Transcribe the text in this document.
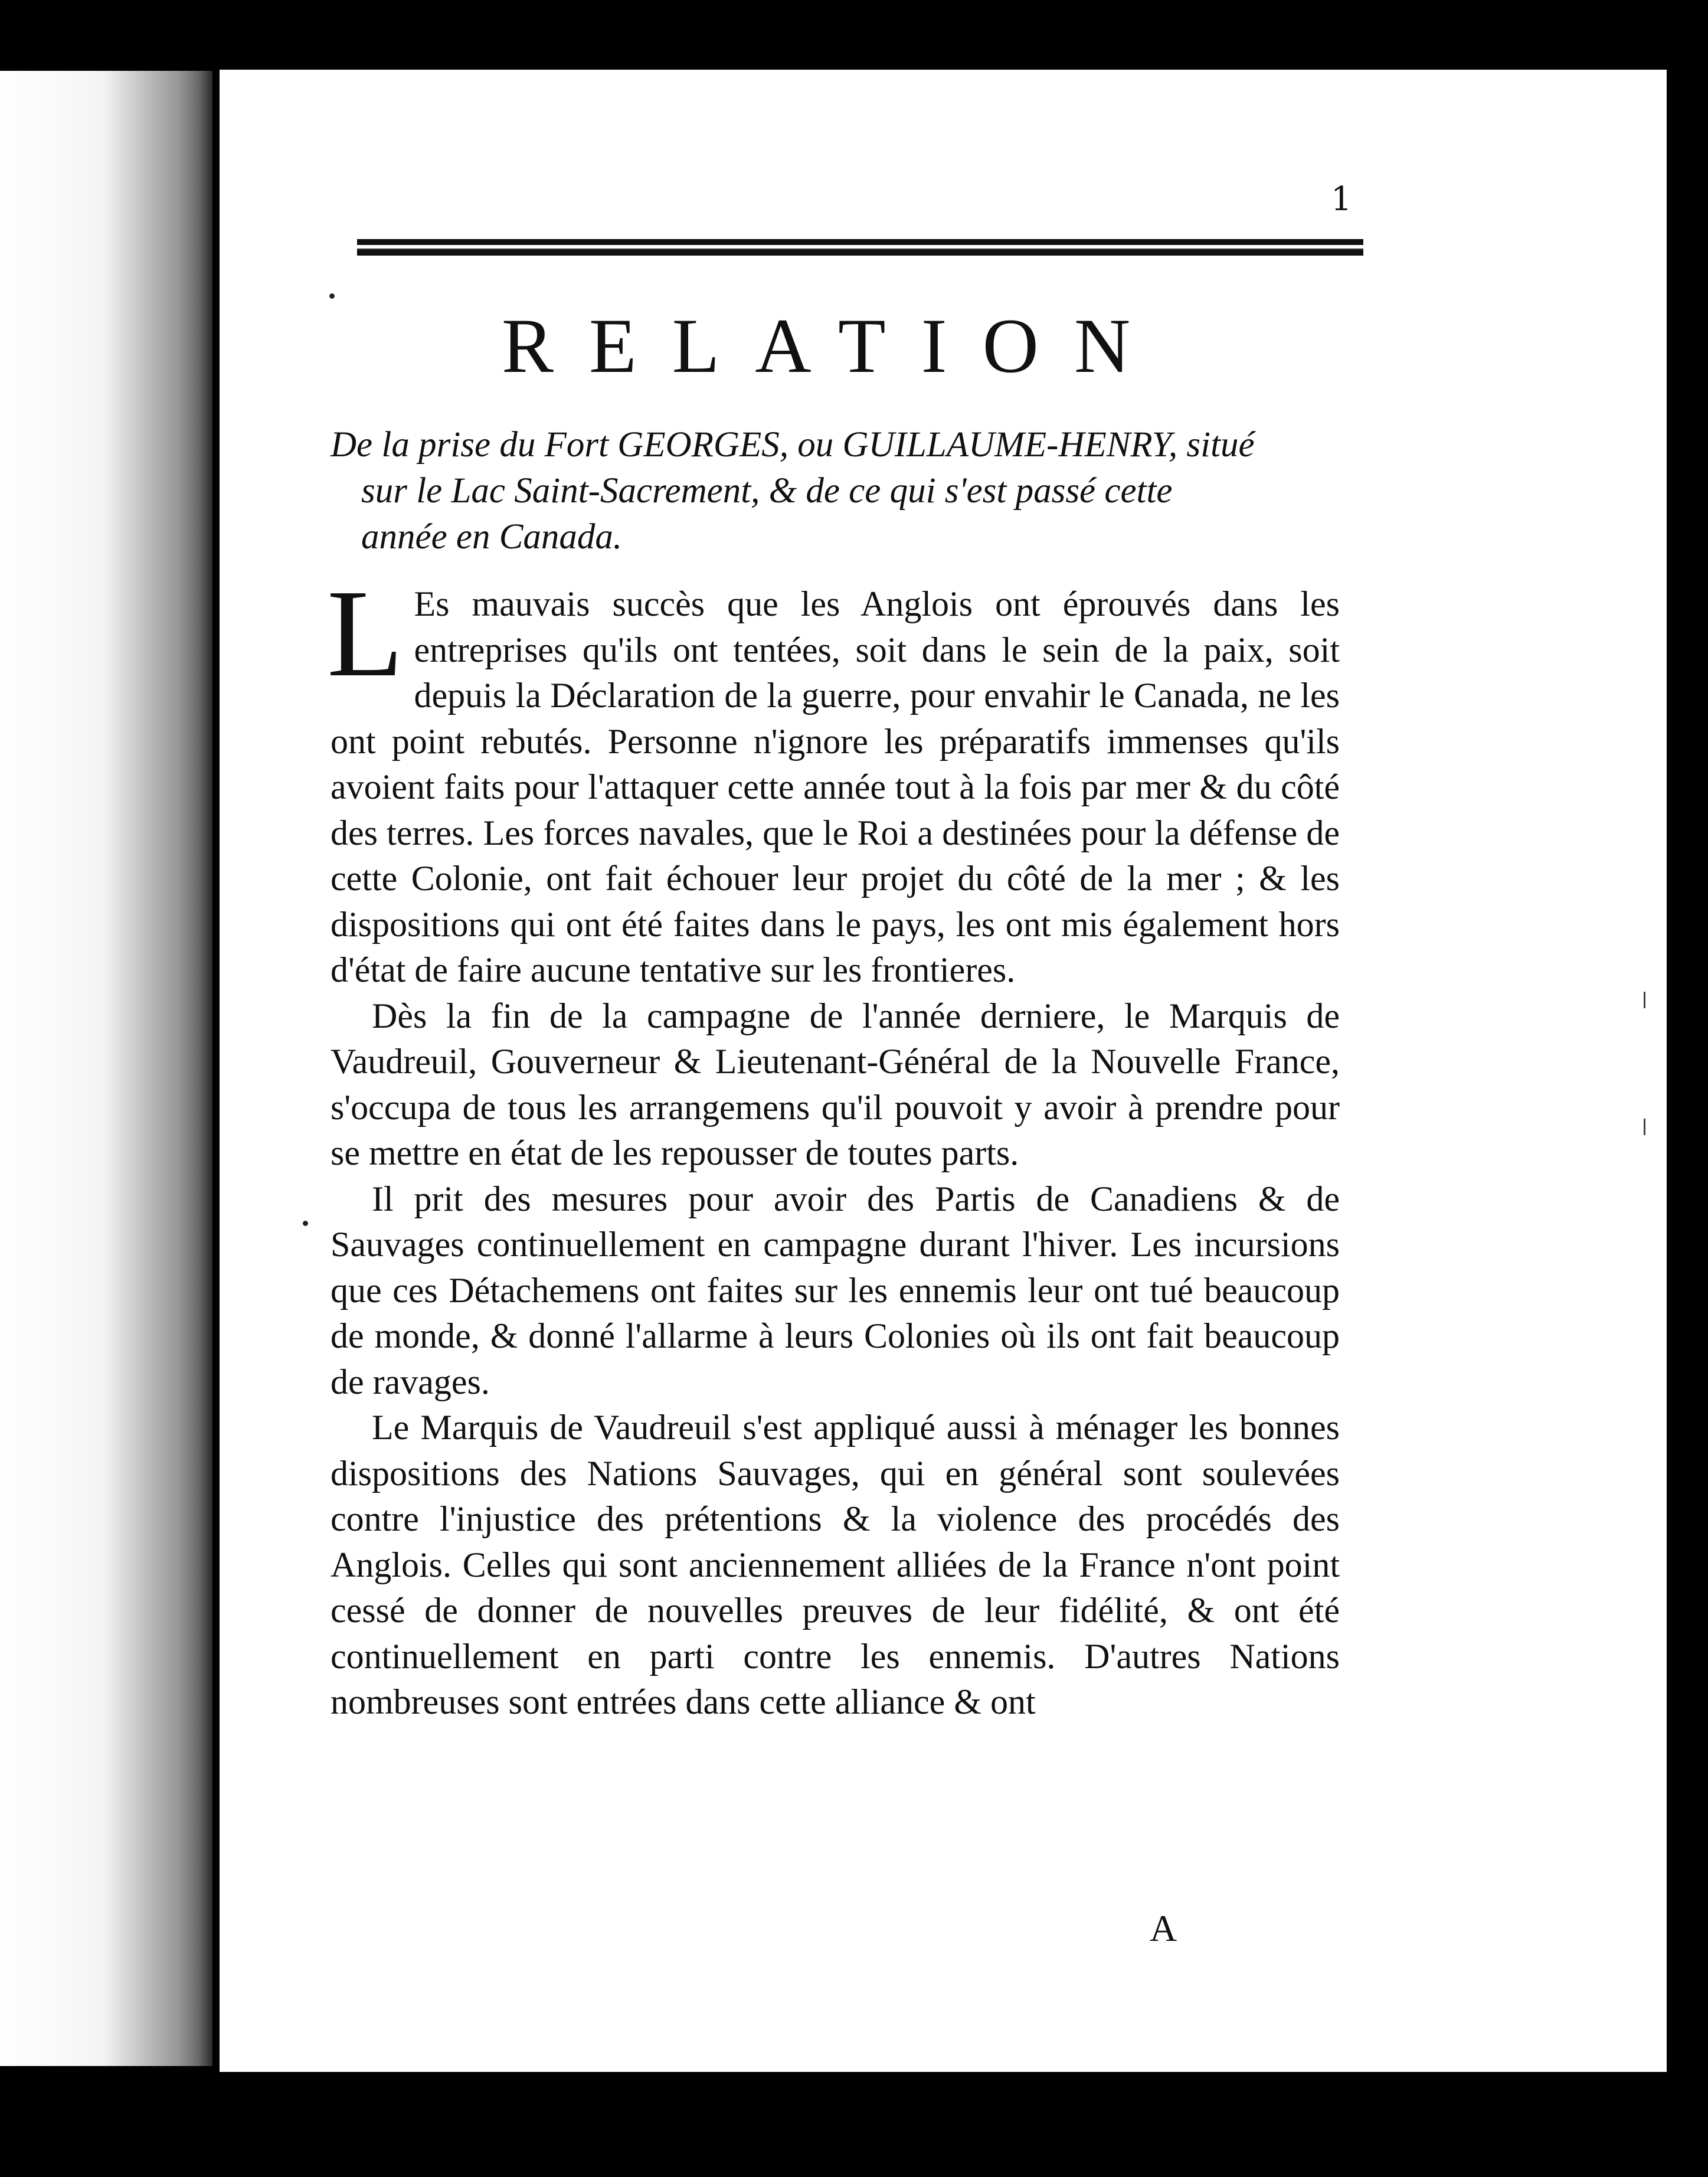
1
RELATION
De la prise du Fort GEORGES, ou GUILLAUME-HENRY, situé
sur le Lac Saint-Sacrement, & de ce qui s'est passé cette
année en Canada.

L Es mauvais succès que les Anglois ont éprouvés dans les entreprises qu'ils ont tentées, soit dans le sein de la paix, soit depuis la Déclaration de la guerre, pour envahir le Canada, ne les ont point rebutés. Personne n'ignore les préparatifs immenses qu'ils avoient faits pour l'attaquer cette année tout à la fois par mer & du côté des terres. Les forces navales, que le Roi a destinées pour la défense de cette Colonie, ont fait échouer leur projet du côté de la mer ; & les dispositions qui ont été faites dans le pays, les ont mis également hors d'état de faire aucune tentative sur les frontieres.

Dès la fin de la campagne de l'année derniere, le Marquis de Vaudreuil, Gouverneur & Lieutenant-Général de la Nouvelle France, s'occupa de tous les arrangemens qu'il pouvoit y avoir à prendre pour se mettre en état de les repousser de toutes parts.

Il prit des mesures pour avoir des Partis de Canadiens & de Sauvages continuellement en campagne durant l'hiver. Les incursions que ces Détachemens ont faites sur les ennemis leur ont tué beaucoup de monde, & donné l'allarme à leurs Colonies où ils ont fait beaucoup de ravages.

Le Marquis de Vaudreuil s'est appliqué aussi à ménager les bonnes dispositions des Nations Sauvages, qui en général sont soulevées contre l'injustice des prétentions & la violence des procédés des Anglois. Celles qui sont anciennement alliées de la France n'ont point cessé de donner de nouvelles preuves de leur fidélité, & ont été continuellement en parti contre les ennemis. D'autres Nations nombreuses sont entrées dans cette alliance & ont

A
